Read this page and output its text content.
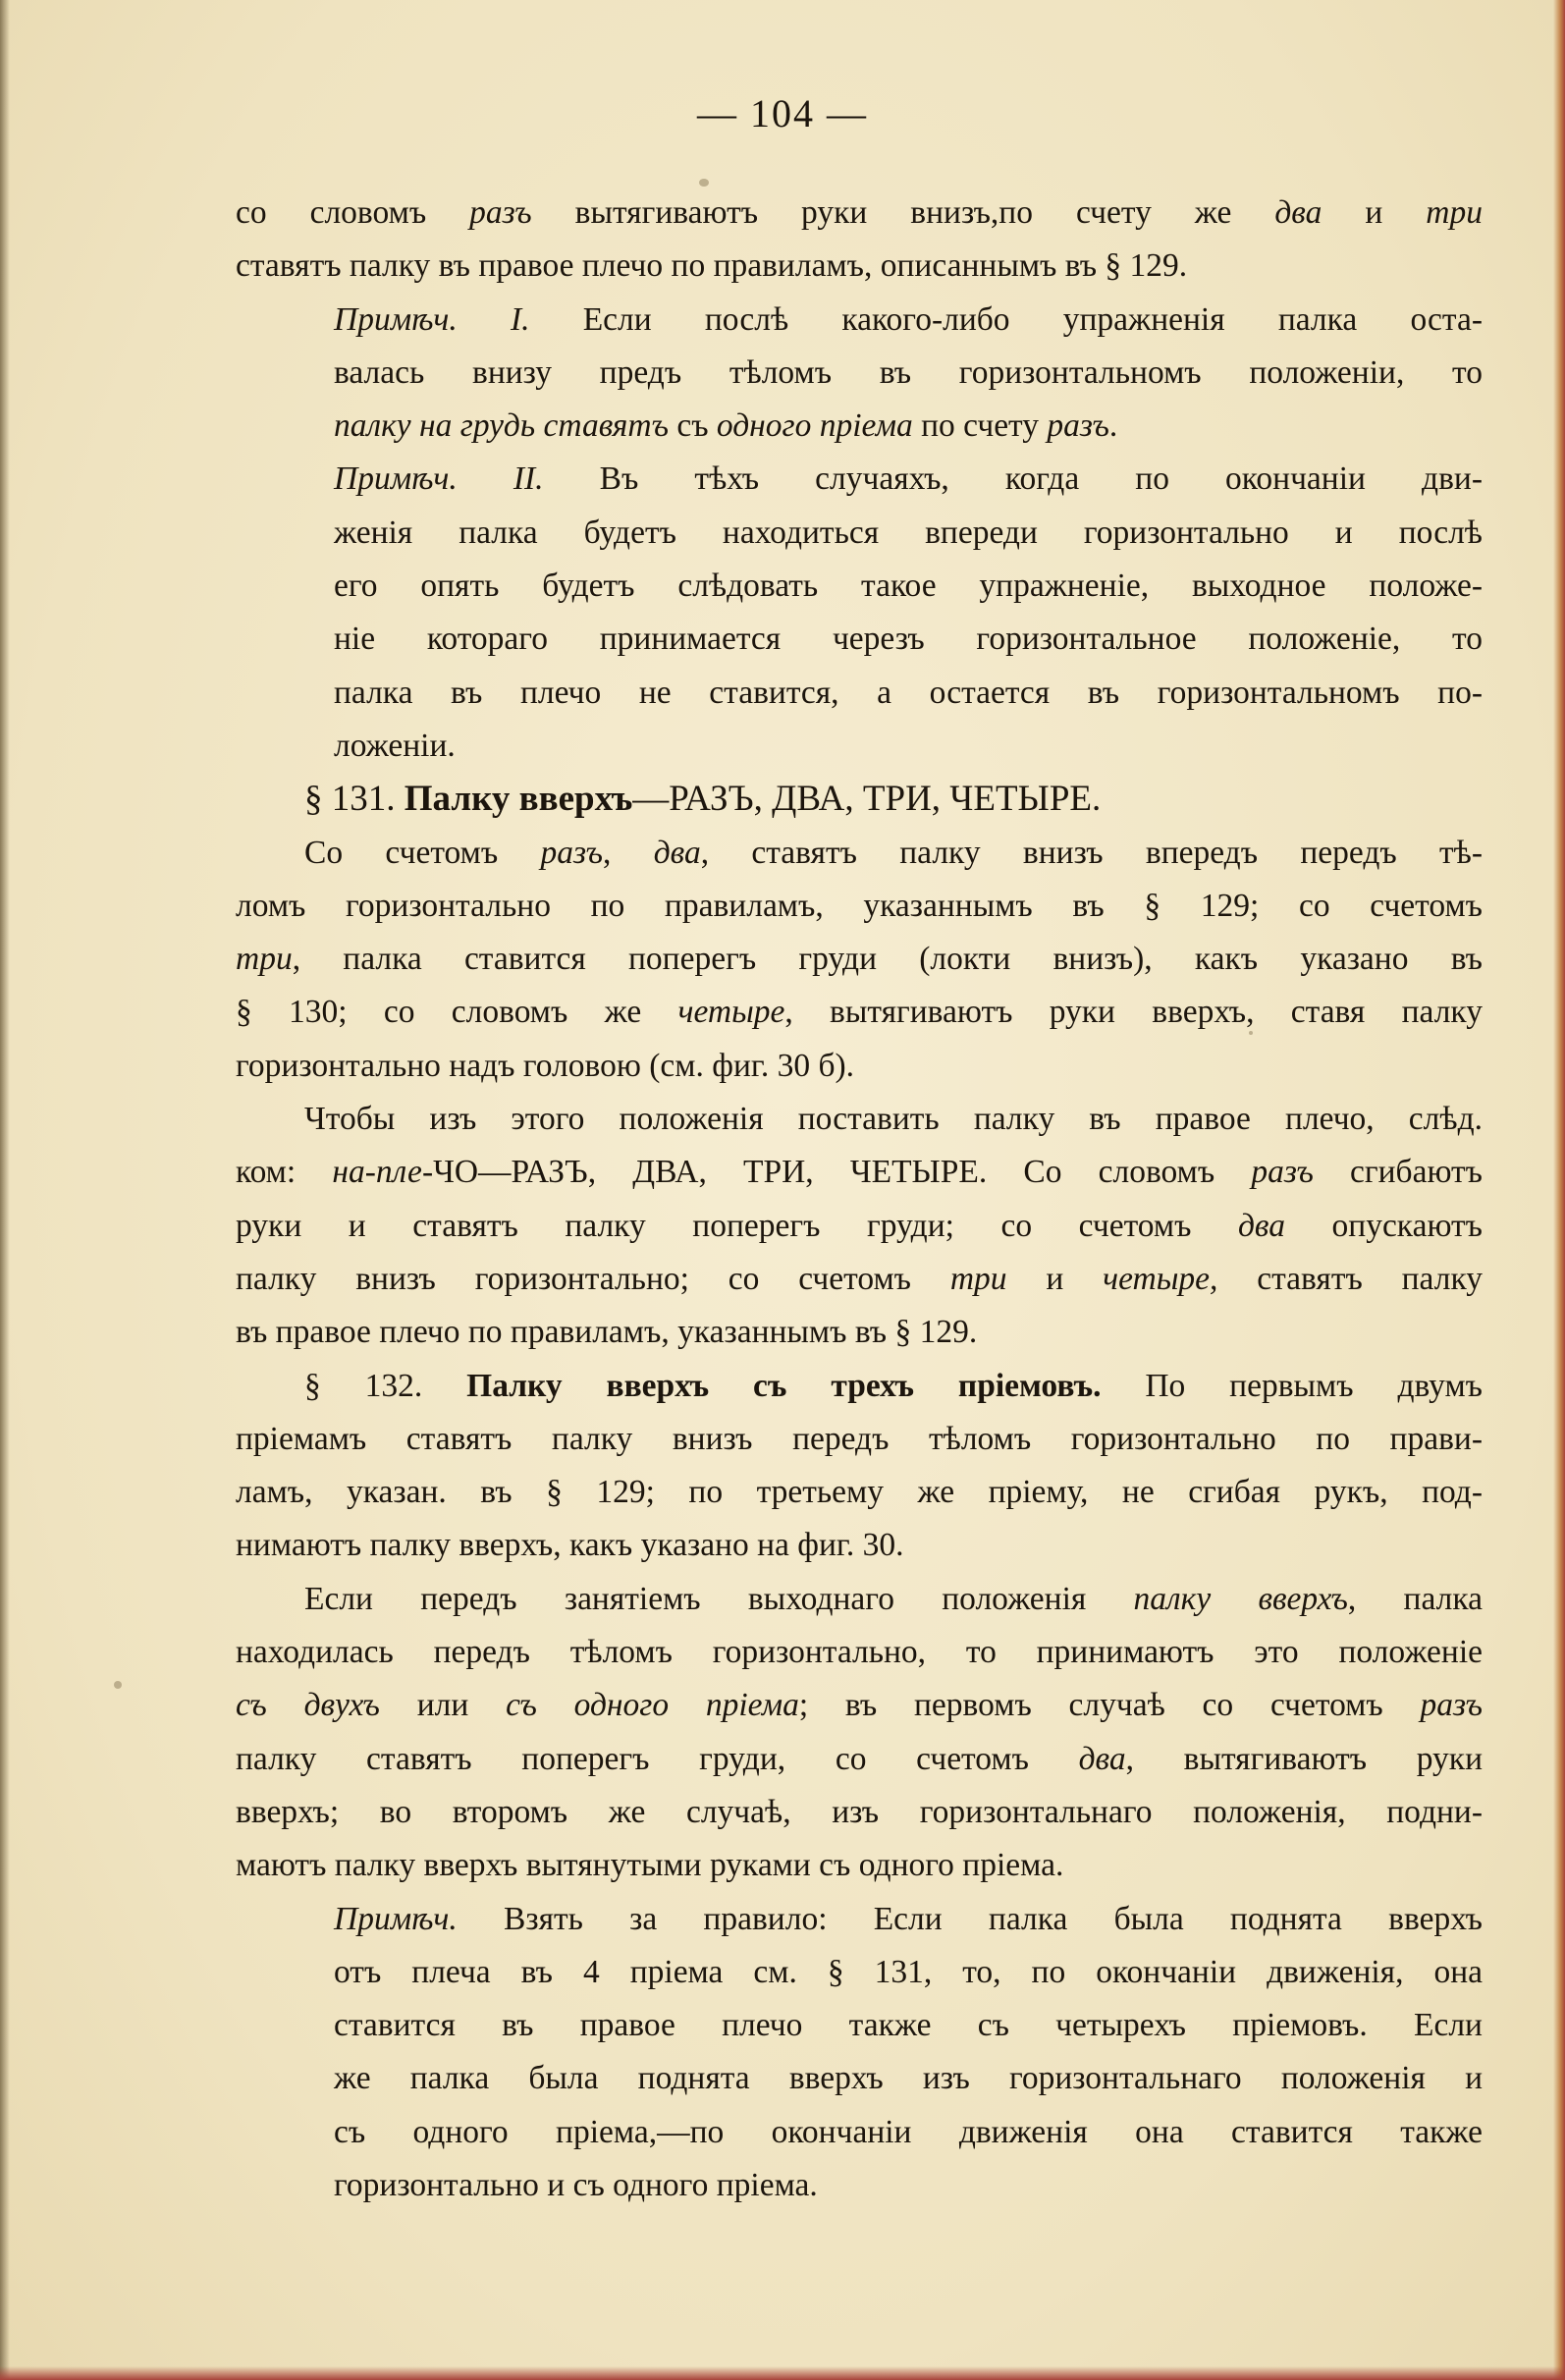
— 104 —
со словомъ разъ вытягиваютъ руки внизъ,по счету же два и три
ставятъ палку въ правое плечо по правиламъ, описаннымъ въ § 129.
Примѣч. I. Если послѣ какого-либо упражненія палка оста-
валась внизу предъ тѣломъ въ горизонтальномъ положеніи, то
палку на грудь ставятъ съ одного пріема по счету разъ.
Примѣч. II. Въ тѣхъ случаяхъ, когда по окончаніи дви-
женія палка будетъ находиться впереди горизонтально и послѣ
его опять будетъ слѣдовать такое упражненіе, выходное положе-
ніе котораго принимается черезъ горизонтальное положеніе, то
палка въ плечо не ставится, а остается въ горизонтальномъ по-
ложеніи.
§ 131. Палку вверхъ—РАЗЪ, ДВА, ТРИ, ЧЕТЫРЕ.
Со счетомъ разъ, два, ставятъ палку внизъ впередъ передъ тѣ-
ломъ горизонтально по правиламъ, указаннымъ въ § 129; со счетомъ
три, палка ставится поперегъ груди (локти внизъ), какъ указано въ
§ 130; со словомъ же четыре, вытягиваютъ руки вверхъ, ставя палку
горизонтально надъ головою (см. фиг. 30 б).
Чтобы изъ этого положенія поставить палку въ правое плечо, слѣд.
ком: на-пле-ЧО—РАЗЪ, ДВА, ТРИ, ЧЕТЫРЕ. Со словомъ разъ сгибаютъ
руки и ставятъ палку поперегъ груди; со счетомъ два опускаютъ
палку внизъ горизонтально; со счетомъ три и четыре, ставятъ палку
въ правое плечо по правиламъ, указаннымъ въ § 129.
§ 132. Палку вверхъ съ трехъ пріемовъ. По первымъ двумъ
пріемамъ ставятъ палку внизъ передъ тѣломъ горизонтально по прави-
ламъ, указан. въ § 129; по третьему же пріему, не сгибая рукъ, под-
нимаютъ палку вверхъ, какъ указано на фиг. 30.
Если передъ занятіемъ выходнаго положенія палку вверхъ, палка
находилась передъ тѣломъ горизонтально, то принимаютъ это положеніе
съ двухъ или съ одного пріема; въ первомъ случаѣ со счетомъ разъ
палку ставятъ поперегъ груди, со счетомъ два, вытягиваютъ руки
вверхъ; во второмъ же случаѣ, изъ горизонтальнаго положенія, подни-
маютъ палку вверхъ вытянутыми руками съ одного пріема.
Примѣч. Взять за правило: Если палка была поднята вверхъ
отъ плеча въ 4 пріема см. § 131, то, по окончаніи движенія, она
ставится въ правое плечо также съ четырехъ пріемовъ. Если
же палка была поднята вверхъ изъ горизонтальнаго положенія и
съ одного пріема,—по окончаніи движенія она ставится также
горизонтально и съ одного пріема.
